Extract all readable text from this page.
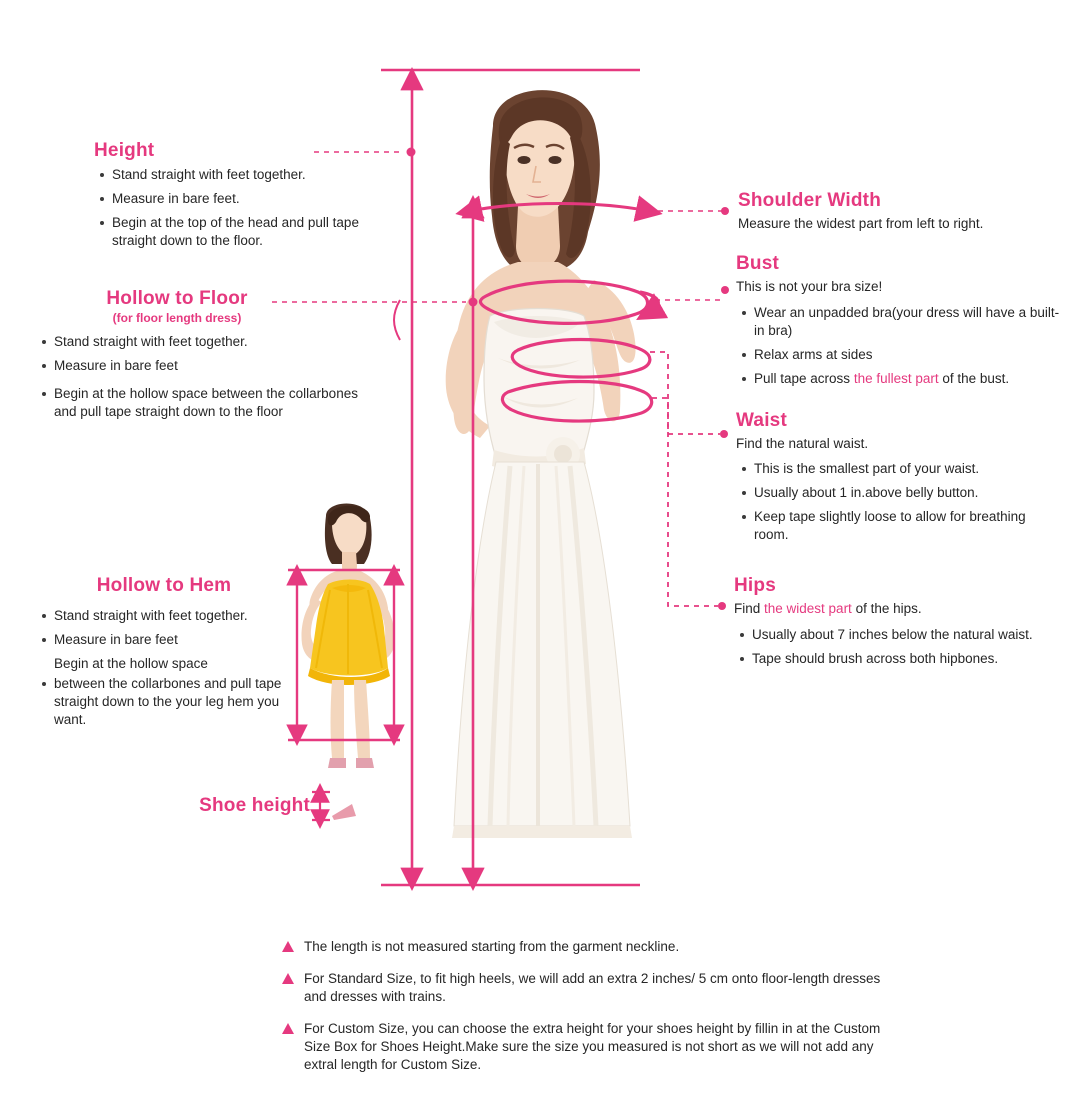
Height
Stand straight with feet together.
Measure in bare feet.
Begin at the top of the head and pull tape straight down to the floor.
Hollow to Floor
(for floor length dress)
Stand straight with feet together.
Measure in bare feet
Begin at the hollow space between the collarbones and pull tape straight down to the floor
Hollow to Hem
Stand straight with feet together.
Measure in bare feet
Begin at the hollow space
between the collarbones and pull tape straight down to the your leg hem you want.
Shoe height
Shoulder Width
Measure the widest part from left to right.
Bust
This is not your bra size!
Wear an unpadded bra(your dress will have a built-in bra)
Relax arms at sides
Pull tape across the fullest part of the bust.
Waist
Find the natural waist.
This is the smallest part of your waist.
Usually about 1 in.above belly button.
Keep tape slightly loose to allow for breathing room.
Hips
Find the widest part of the hips.
Usually about 7 inches below the natural waist.
Tape should brush across both hipbones.
The length is not measured starting from the garment neckline.
For Standard Size, to fit high heels, we will add an extra 2 inches/ 5 cm onto floor-length dresses and dresses with trains.
For Custom Size, you can choose the extra height for your shoes height by fillin in at the Custom Size Box for Shoes Height.Make sure the size you measured is not short as we will not add any extral length for Custom Size.
